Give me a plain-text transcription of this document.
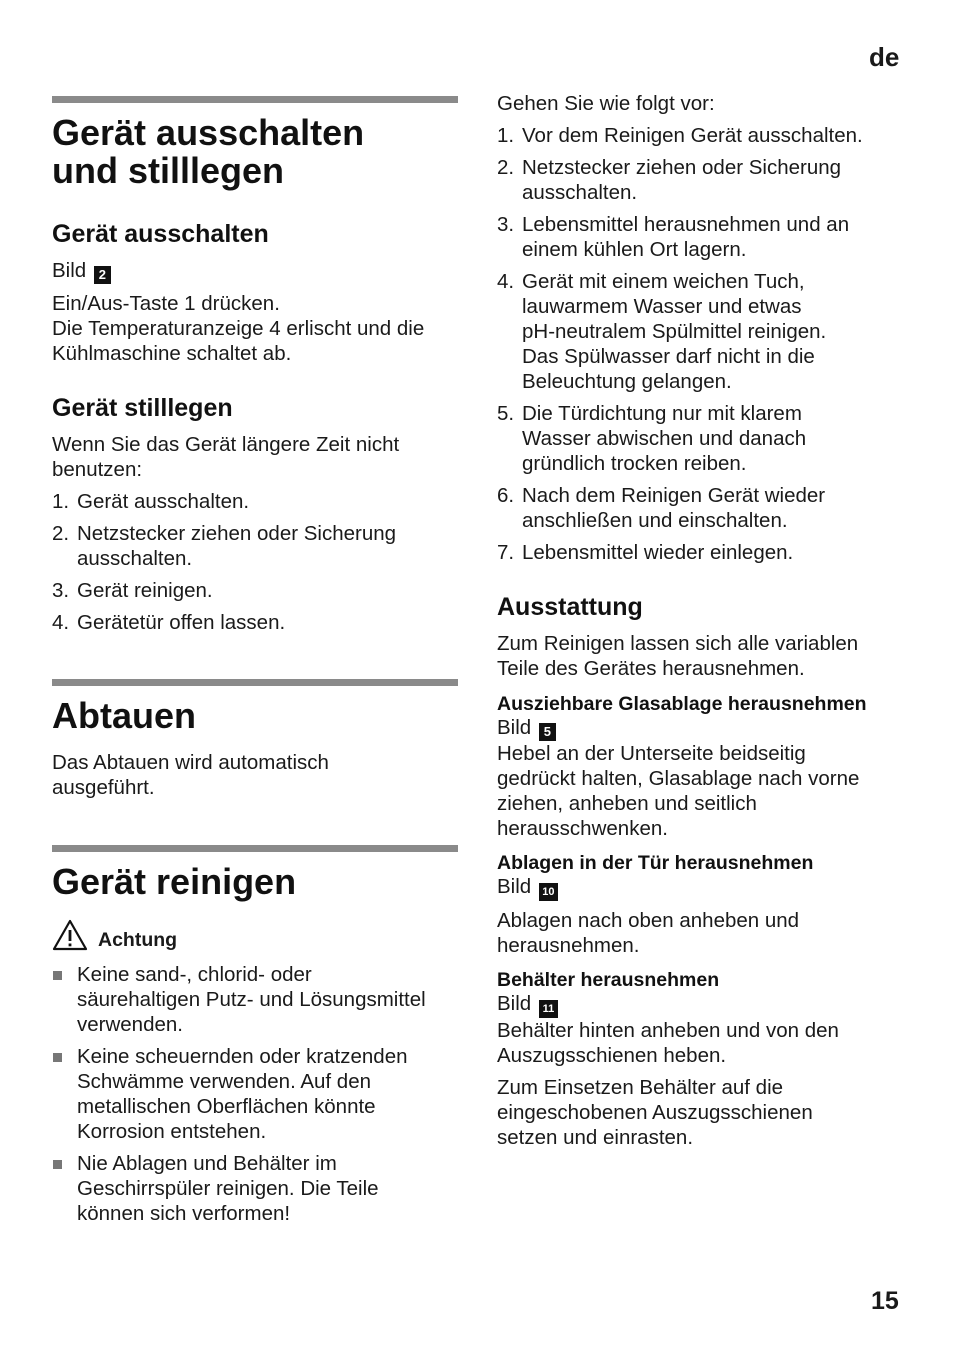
de
Gerät ausschalten
und stilllegen
Gerät ausschalten

Bild 2

Ein/Aus-Taste 1 drücken.
Die Temperaturanzeige 4 erlischt und die
Kühlmaschine schaltet ab.

Gerät stilllegen

Wenn Sie das Gerät längere Zeit nicht
benutzen:

1. Gerät ausschalten.
2. Netzstecker ziehen oder Sicherung
ausschalten.
3. Gerät reinigen.
4. Gerätetür offen lassen.
Abtauen

Das Abtauen wird automatisch
ausgeführt.

Gerät reinigen
Achtung
Keine sand-, chlorid- oder
säurehaltigen Putz- und Lösungsmittel
verwenden.
Keine scheuernden oder kratzenden
Schwämme verwenden. Auf den
metallischen Oberflächen könnte
Korrosion entstehen.
Nie Ablagen und Behälter im
Geschirrspüler reinigen. Die Teile
können sich verformen!

Gehen Sie wie folgt vor:

1. Vor dem Reinigen Gerät ausschalten.
2. Netzstecker ziehen oder Sicherung
ausschalten.
3. Lebensmittel herausnehmen und an
einem kühlen Ort lagern.
4. Gerät mit einem weichen Tuch,
lauwarmem Wasser und etwas
pH-neutralem Spülmittel reinigen.
Das Spülwasser darf nicht in die
Beleuchtung gelangen.
5. Die Türdichtung nur mit klarem
Wasser abwischen und danach
gründlich trocken reiben.
6. Nach dem Reinigen Gerät wieder
anschließen und einschalten.
7. Lebensmittel wieder einlegen.
Ausstattung

Zum Reinigen lassen sich alle variablen
Teile des Gerätes herausnehmen.

Ausziehbare Glasablage herausnehmen

Bild 5

Hebel an der Unterseite beidseitig
gedrückt halten, Glasablage nach vorne
ziehen, anheben und seitlich
herausschwenken.

Ablagen in der Tür herausnehmen

Bild 10

Ablagen nach oben anheben und
herausnehmen.

Behälter herausnehmen

Bild 11

Behälter hinten anheben und von den
Auszugsschienen heben.

Zum Einsetzen Behälter auf die
eingeschobenen Auszugsschienen
setzen und einrasten.

15
